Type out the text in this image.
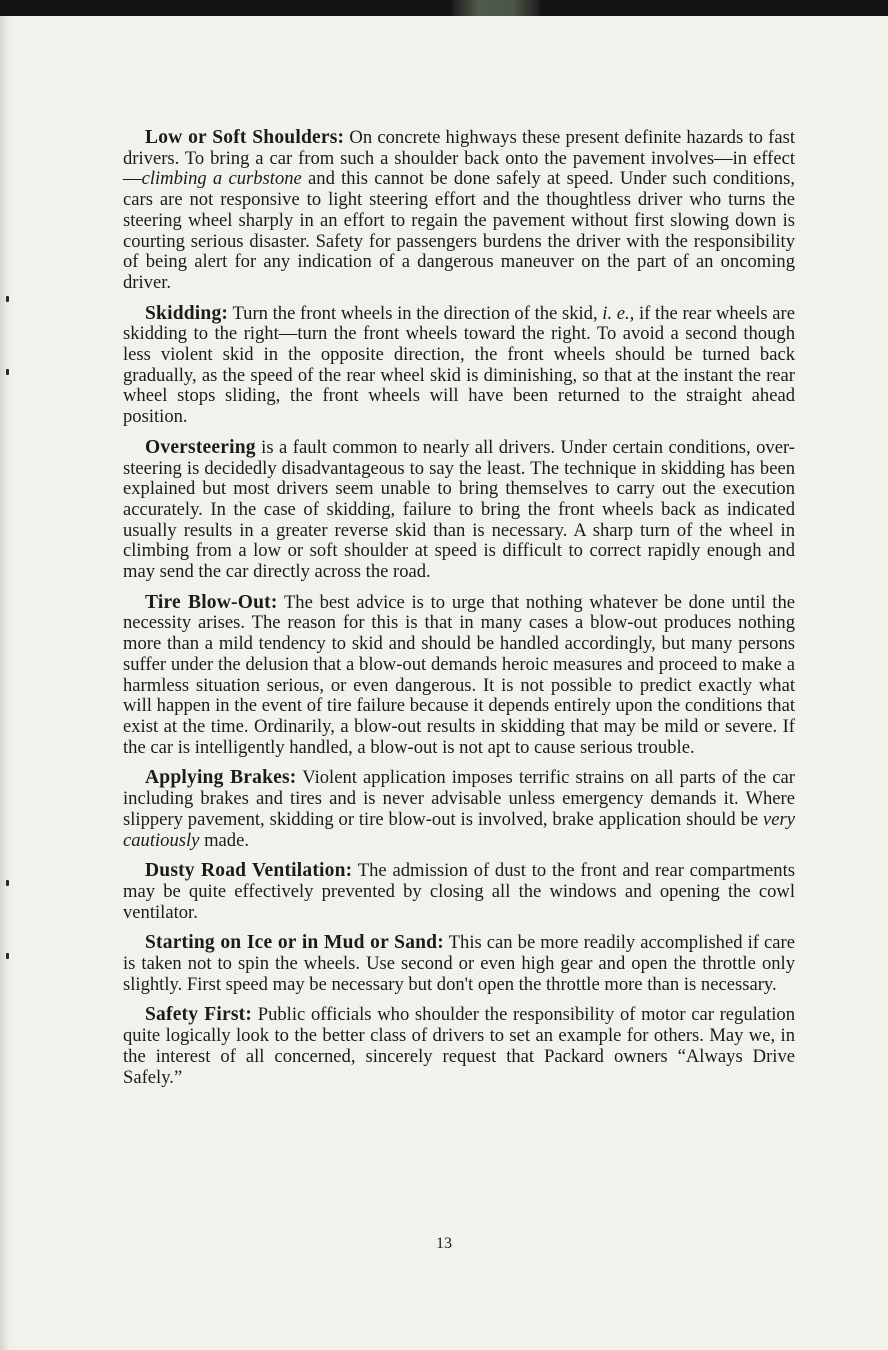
Low or Soft Shoulders: On concrete highways these present definite hazards to fast drivers. To bring a car from such a shoulder back onto the pavement involves—in effect—climbing a curbstone and this cannot be done safely at speed. Under such conditions, cars are not responsive to light steering effort and the thoughtless driver who turns the steering wheel sharply in an effort to regain the pavement without first slowing down is courting serious disaster. Safety for passengers burdens the driver with the responsibility of being alert for any indication of a dangerous maneuver on the part of an oncoming driver.

Skidding: Turn the front wheels in the direction of the skid, i. e., if the rear wheels are skidding to the right—turn the front wheels toward the right. To avoid a second though less violent skid in the opposite direction, the front wheels should be turned back gradually, as the speed of the rear wheel skid is diminishing, so that at the instant the rear wheel stops sliding, the front wheels will have been returned to the straight ahead position.

Oversteering is a fault common to nearly all drivers. Under certain conditions, over-steering is decidedly disadvantageous to say the least. The technique in skidding has been explained but most drivers seem unable to bring themselves to carry out the execution accurately. In the case of skidding, failure to bring the front wheels back as indicated usually results in a greater reverse skid than is necessary. A sharp turn of the wheel in climbing from a low or soft shoulder at speed is difficult to correct rapidly enough and may send the car directly across the road.

Tire Blow-Out: The best advice is to urge that nothing whatever be done until the necessity arises. The reason for this is that in many cases a blow-out produces nothing more than a mild tendency to skid and should be handled accordingly, but many persons suffer under the delusion that a blow-out demands heroic measures and proceed to make a harmless situation serious, or even dangerous. It is not possible to predict exactly what will happen in the event of tire failure because it depends entirely upon the conditions that exist at the time. Ordinarily, a blow-out results in skidding that may be mild or severe. If the car is intelligently handled, a blow-out is not apt to cause serious trouble.

Applying Brakes: Violent application imposes terrific strains on all parts of the car including brakes and tires and is never advisable unless emergency demands it. Where slippery pavement, skidding or tire blow-out is involved, brake application should be very cautiously made.

Dusty Road Ventilation: The admission of dust to the front and rear compartments may be quite effectively prevented by closing all the windows and opening the cowl ventilator.

Starting on Ice or in Mud or Sand: This can be more readily accomplished if care is taken not to spin the wheels. Use second or even high gear and open the throttle only slightly. First speed may be necessary but don't open the throttle more than is necessary.

Safety First: Public officials who shoulder the responsibility of motor car regulation quite logically look to the better class of drivers to set an example for others. May we, in the interest of all concerned, sincerely request that Packard owners “Always Drive Safely.”

13
